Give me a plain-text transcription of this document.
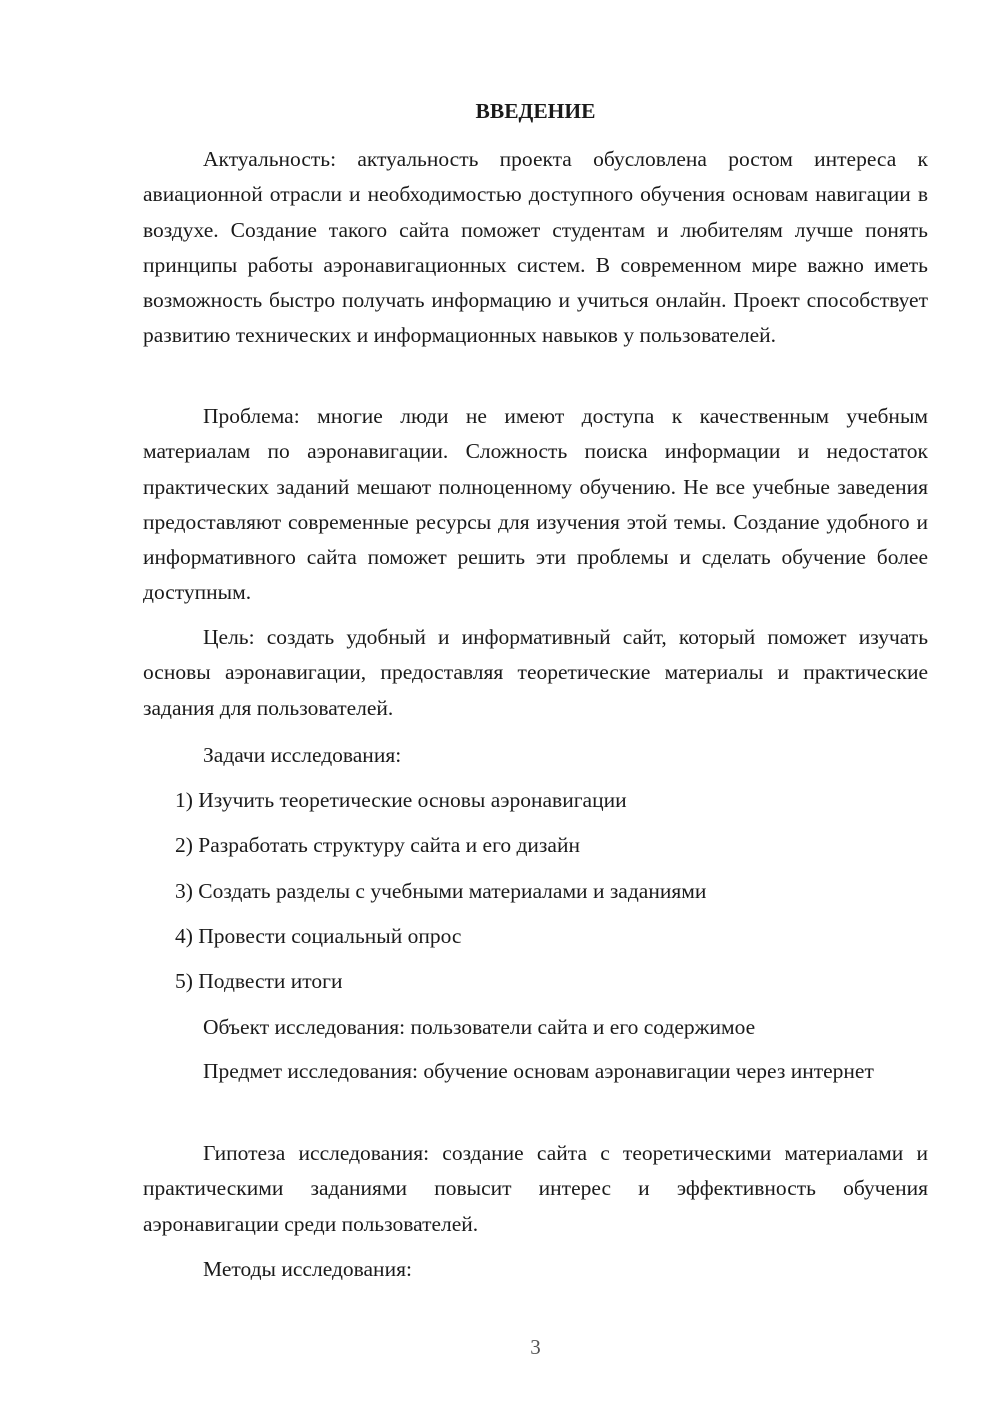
ВВЕДЕНИЕ

Актуальность: актуальность проекта обусловлена ростом интереса к авиационной отрасли и необходимостью доступного обучения основам навигации в воздухе. Создание такого сайта поможет студентам и любителям лучше понять принципы работы аэронавигационных систем. В современном мире важно иметь возможность быстро получать информацию и учиться онлайн. Проект способствует развитию технических и информационных навыков у пользователей.

Проблема: многие люди не имеют доступа к качественным учебным материалам по аэронавигации. Сложность поиска информации и недостаток практических заданий мешают полноценному обучению. Не все учебные заведения предоставляют современные ресурсы для изучения этой темы. Создание удобного и информативного сайта поможет решить эти проблемы и сделать обучение более доступным.

Цель: создать удобный и информативный сайт, который поможет изучать основы аэронавигации, предоставляя теоретические материалы и практические задания для пользователей.

Задачи исследования:
1) Изучить теоретические основы аэронавигации
2) Разработать структуру сайта и его дизайн
3) Создать разделы с учебными материалами и заданиями
4) Провести социальный опрос
5) Подвести итоги
Объект исследования: пользователи сайта и его содержимое

Предмет исследования: обучение основам аэронавигации через интернет

Гипотеза исследования: создание сайта с теоретическими материалами и практическими заданиями повысит интерес и эффективность обучения аэронавигации среди пользователей.

Методы исследования:
3
